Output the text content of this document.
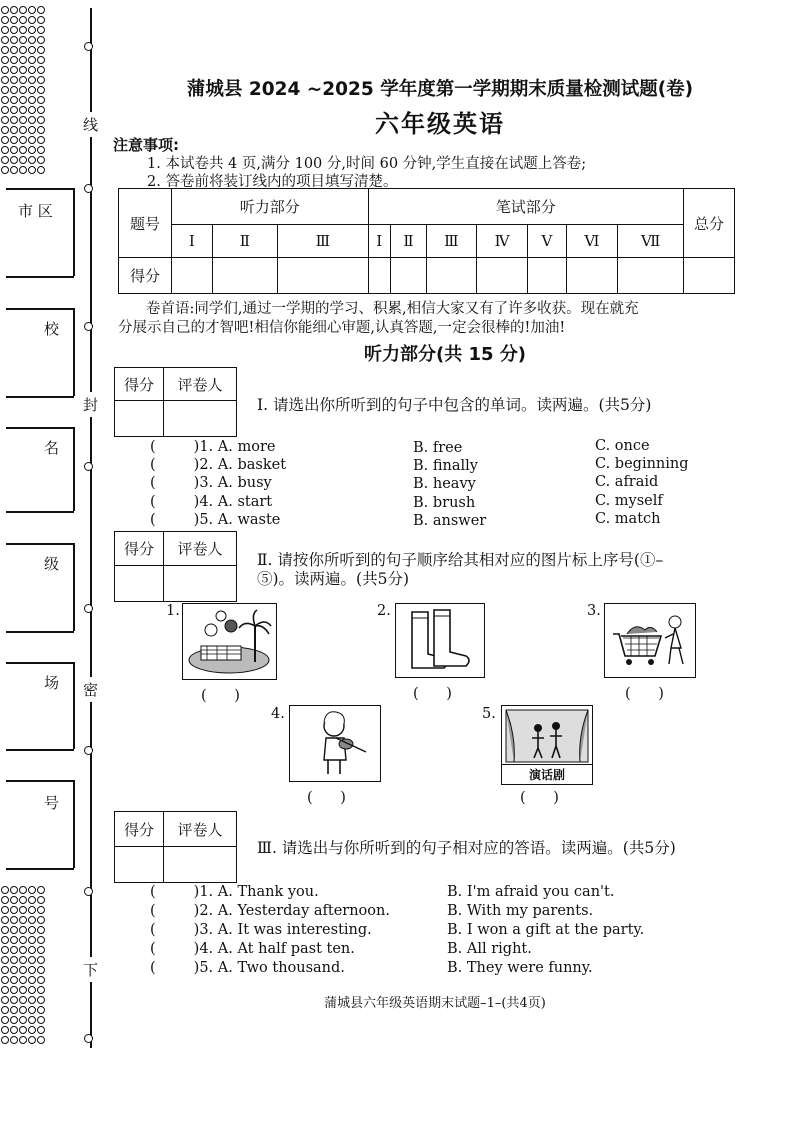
线
封
密
下
市 区
校
名
级
场
号
蒲城县 2024 ~2025 学年度第一学期期末质量检测试题(卷)
六年级英语
注意事项:
1. 本试卷共 4 页,满分 100 分,时间 60 分钟,学生直接在试题上答卷;
2. 答卷前将装订线内的项目填写清楚。
题号	听力部分			笔试部分							总分
	Ⅰ	Ⅱ	Ⅲ	Ⅰ	Ⅱ	Ⅲ	Ⅳ	Ⅴ	Ⅵ	Ⅶ	
得分											
卷首语:同学们,通过一学期的学习、积累,相信大家又有了许多收获。现在就充
分展示自己的才智吧!相信你能细心审题,认真答题,一定会很棒的!加油!
听力部分(共 15 分)
得分	评卷人

Ⅰ. 请选出你所听到的句子中包含的单词。读两遍。(共5分)
(	)1. A. more	B. free	C. once
(	)2. A. basket	B. finally	C. beginning
(	)3. A. busy	B. heavy	C. afraid
(	)4. A. start	B. brush	C. myself
(	)5. A. waste	B. answer	C. match
得分	评卷人

Ⅱ. 请按你所听到的句子顺序给其相对应的图片标上序号(①–
⑤)。读两遍。(共5分)
1.
(      )
2.
(      )
3.
(      )
4.
(      )
5.
演话剧
(      )
得分	评卷人

Ⅲ. 请选出与你所听到的句子相对应的答语。读两遍。(共5分)
(	)1. A. Thank you.	B. I'm afraid you can't.
(	)2. A. Yesterday afternoon.	B. With my parents.
(	)3. A. It was interesting.	B. I won a gift at the party.
(	)4. A. At half past ten.	B. All right.
(	)5. A. Two thousand.	B. They were funny.
蒲城县六年级英语期末试题–1–(共4页)
